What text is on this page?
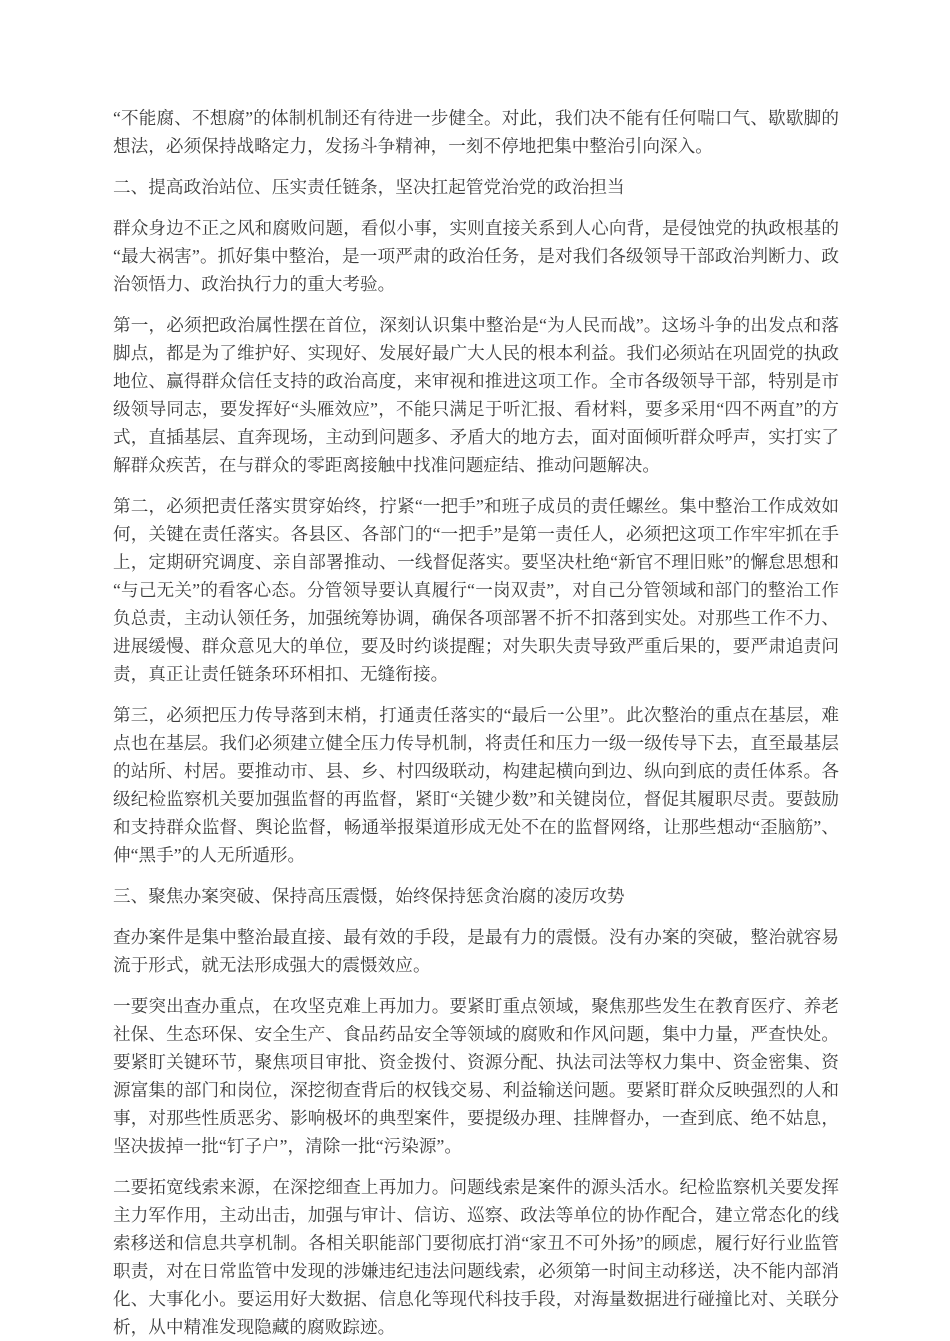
“不能腐、不想腐”的体制机制还有待进一步健全。对此，我们决不能有任何喘口气、歇歇脚的想法，必须保持战略定力，发扬斗争精神，一刻不停地把集中整治引向深入。

二、提高政治站位、压实责任链条，坚决扛起管党治党的政治担当

群众身边不正之风和腐败问题，看似小事，实则直接关系到人心向背，是侵蚀党的执政根基的“最大祸害”。抓好集中整治，是一项严肃的政治任务，是对我们各级领导干部政治判断力、政治领悟力、政治执行力的重大考验。

第一，必须把政治属性摆在首位，深刻认识集中整治是“为人民而战”。这场斗争的出发点和落脚点，都是为了维护好、实现好、发展好最广大人民的根本利益。我们必须站在巩固党的执政地位、赢得群众信任支持的政治高度，来审视和推进这项工作。全市各级领导干部，特别是市级领导同志，要发挥好“头雁效应”，不能只满足于听汇报、看材料，要多采用“四不两直”的方式，直插基层、直奔现场，主动到问题多、矛盾大的地方去，面对面倾听群众呼声，实打实了解群众疾苦，在与群众的零距离接触中找准问题症结、推动问题解决。

第二，必须把责任落实贯穿始终，拧紧“一把手”和班子成员的责任螺丝。集中整治工作成效如何，关键在责任落实。各县区、各部门的“一把手”是第一责任人，必须把这项工作牢牢抓在手上，定期研究调度、亲自部署推动、一线督促落实。要坚决杜绝“新官不理旧账”的懈怠思想和“与己无关”的看客心态。分管领导要认真履行“一岗双责”，对自己分管领域和部门的整治工作负总责，主动认领任务，加强统筹协调，确保各项部署不折不扣落到实处。对那些工作不力、进展缓慢、群众意见大的单位，要及时约谈提醒；对失职失责导致严重后果的，要严肃追责问责，真正让责任链条环环相扣、无缝衔接。

第三，必须把压力传导落到末梢，打通责任落实的“最后一公里”。此次整治的重点在基层，难点也在基层。我们必须建立健全压力传导机制，将责任和压力一级一级传导下去，直至最基层的站所、村居。要推动市、县、乡、村四级联动，构建起横向到边、纵向到底的责任体系。各级纪检监察机关要加强监督的再监督，紧盯“关键少数”和关键岗位，督促其履职尽责。要鼓励和支持群众监督、舆论监督，畅通举报渠道形成无处不在的监督网络，让那些想动“歪脑筋”、伸“黑手”的人无所遁形。

三、聚焦办案突破、保持高压震慑，始终保持惩贪治腐的凌厉攻势

查办案件是集中整治最直接、最有效的手段，是最有力的震慑。没有办案的突破，整治就容易流于形式，就无法形成强大的震慑效应。

一要突出查办重点，在攻坚克难上再加力。要紧盯重点领域，聚焦那些发生在教育医疗、养老社保、生态环保、安全生产、食品药品安全等领域的腐败和作风问题，集中力量，严查快处。要紧盯关键环节，聚焦项目审批、资金拨付、资源分配、执法司法等权力集中、资金密集、资源富集的部门和岗位，深挖彻查背后的权钱交易、利益输送问题。要紧盯群众反映强烈的人和事，对那些性质恶劣、影响极坏的典型案件，要提级办理、挂牌督办，一查到底、绝不姑息，坚决拔掉一批“钉子户”，清除一批“污染源”。

二要拓宽线索来源，在深挖细查上再加力。问题线索是案件的源头活水。纪检监察机关要发挥主力军作用，主动出击，加强与审计、信访、巡察、政法等单位的协作配合，建立常态化的线索移送和信息共享机制。各相关职能部门要彻底打消“家丑不可外扬”的顾虑，履行好行业监管职责，对在日常监管中发现的涉嫌违纪违法问题线索，必须第一时间主动移送，决不能内部消化、大事化小。要运用好大数据、信息化等现代科技手段，对海量数据进行碰撞比对、关联分析，从中精准发现隐藏的腐败踪迹。
